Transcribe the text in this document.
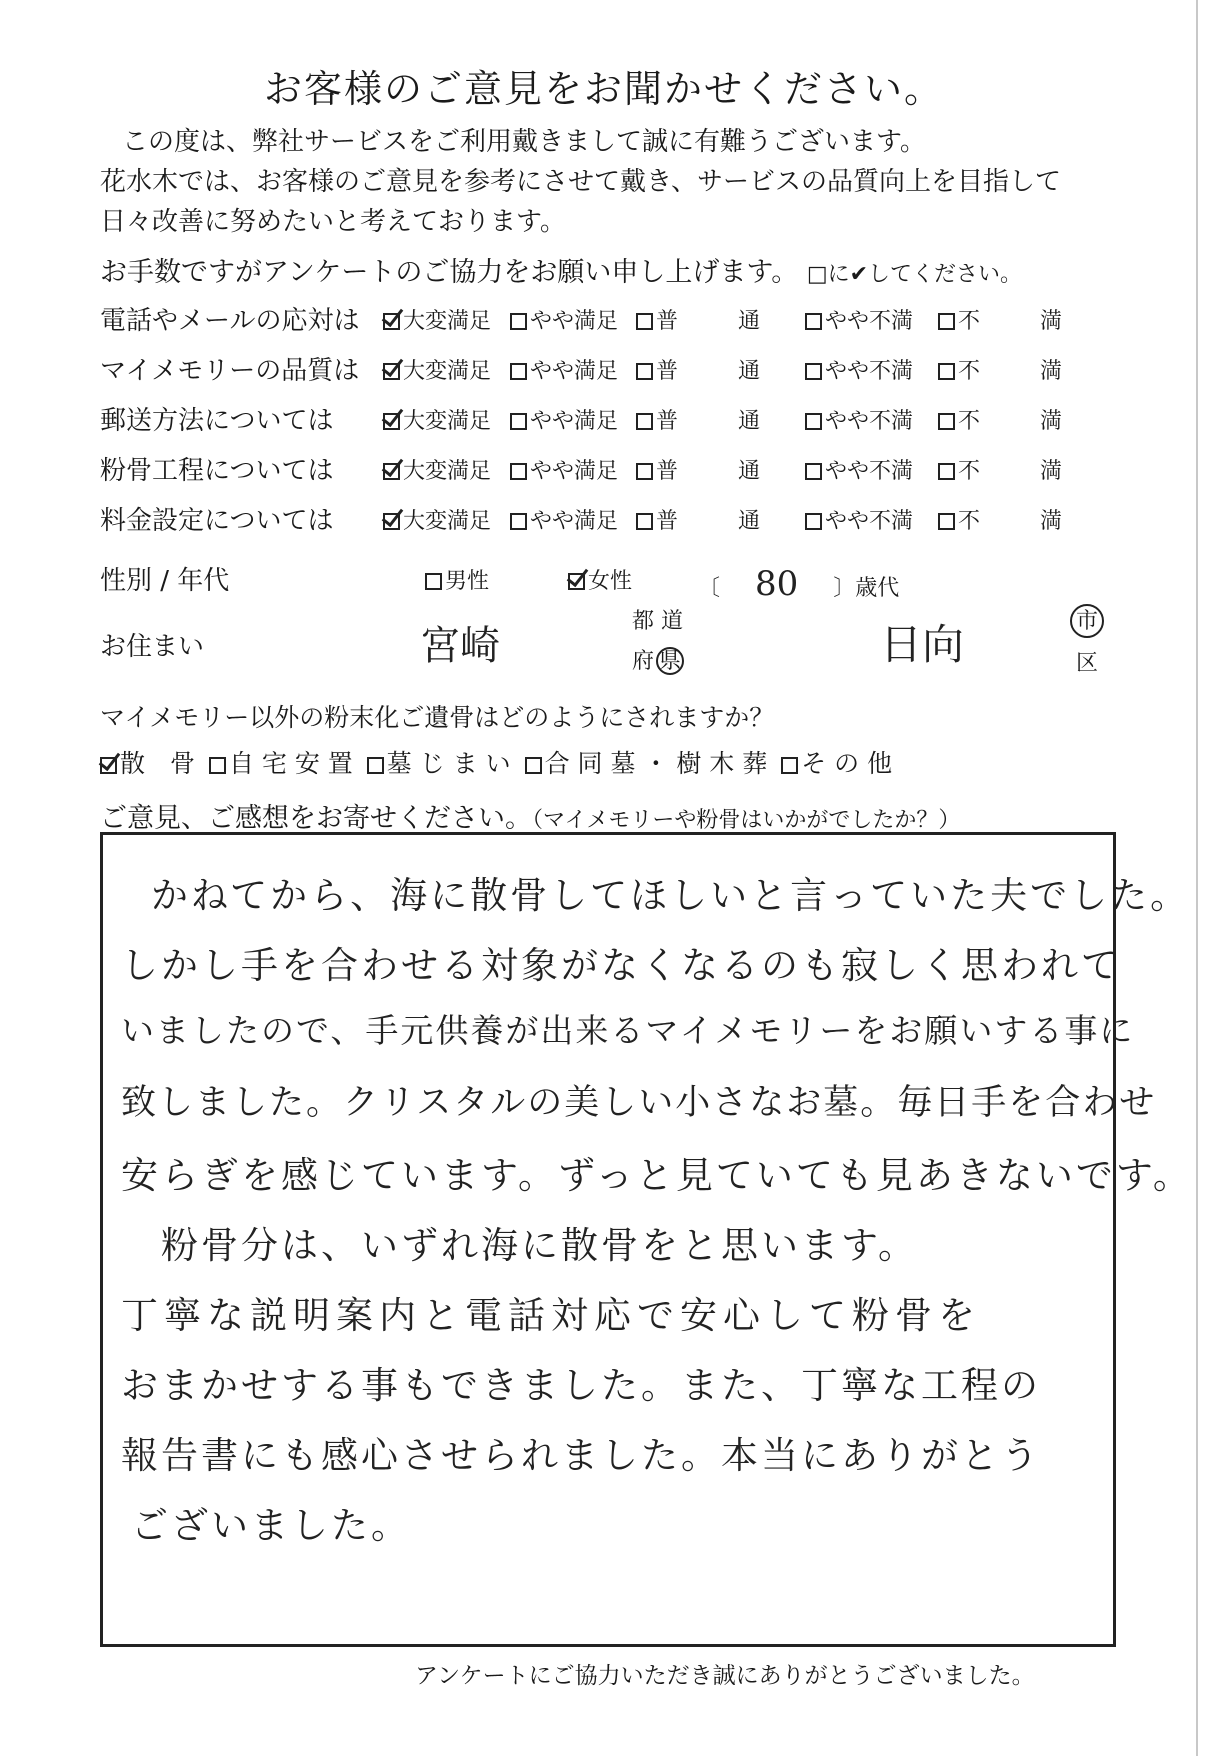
お客様のご意見をお聞かせください。
この度は、弊社サービスをご利用戴きまして誠に有難うございます。
花水木では、お客様のご意見を参考にさせて戴き、サービスの品質向上を目指して
日々改善に努めたいと考えております。
お手数ですがアンケートのご協力をお願い申し上げます。 □に✔してください。
電話やメールの応対は	大変満足	やや満足	普	通	やや不満	不	満
マイメモリーの品質は	大変満足	やや満足	普	通	やや不満	不	満
郵送方法については	大変満足	やや満足	普	通	やや不満	不	満
粉骨工程については	大変満足	やや満足	普	通	やや不満	不	満
料金設定については	大変満足	やや満足	普	通	やや不満	不	満
性別 / 年代	男性	女性	〔 80 〕歳代
お住まい	宮崎
都 道
府 県	日向	市
区
マイメモリー以外の粉末化ご遺骨はどのようにされますか？
散　骨 自 宅 安 置 墓 じ ま い 合 同 墓 ・ 樹 木 葬 そ の 他
ご意見、ご感想をお寄せください。（マイメモリーや粉骨はいかがでしたか？）
かねてから、海に散骨してほしいと言っていた夫でした。
しかし手を合わせる対象がなくなるのも寂しく思われて
いましたので、手元供養が出来るマイメモリーをお願いする事に
致しました。クリスタルの美しい小さなお墓。毎日手を合わせ
安らぎを感じています。ずっと見ていても見あきないです。
粉骨分は、いずれ海に散骨をと思います。
丁寧な説明案内と電話対応で安心して粉骨を
おまかせする事もできました。また、丁寧な工程の
報告書にも感心させられました。本当にありがとう
ございました。
アンケートにご協力いただき誠にありがとうございました。
